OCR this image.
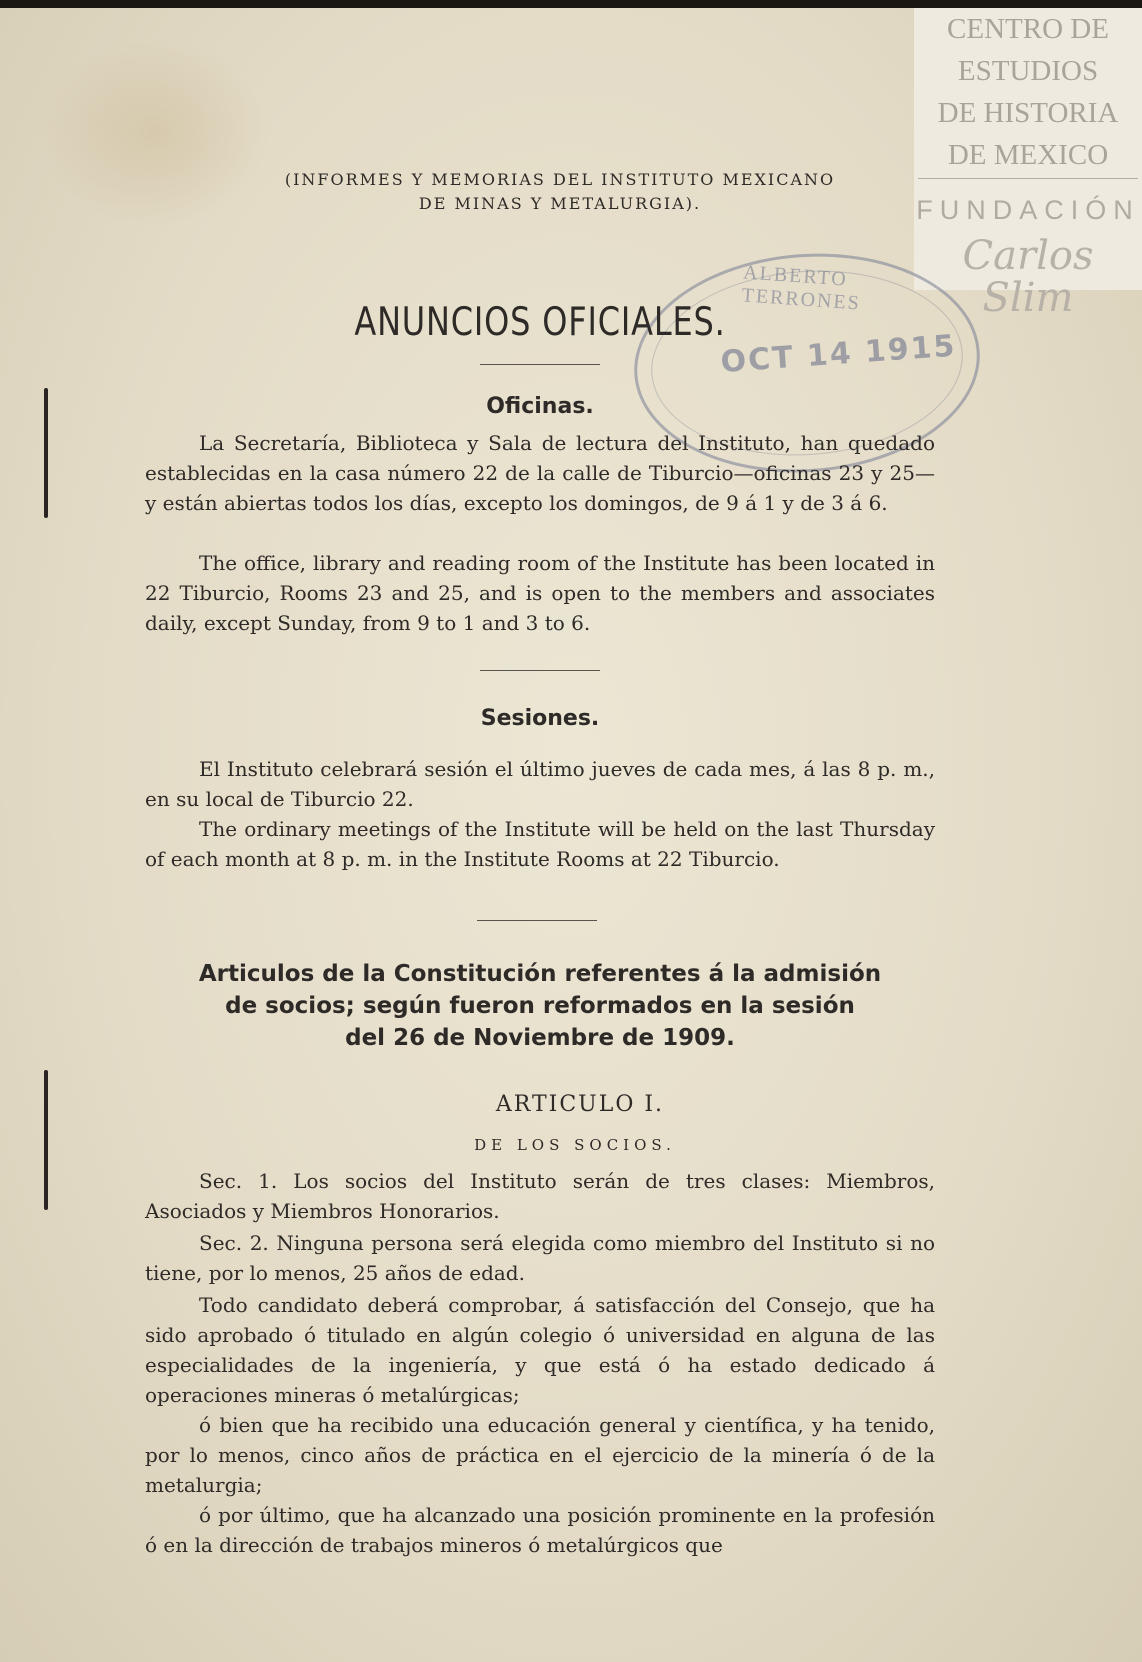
CENTRO DE
ESTUDIOS
DE HISTORIA
DE MEXICO
FUNDACIÓN
Carlos Slim
ALBERTO TERRONES
OCT 14 1915
(INFORMES Y MEMORIAS DEL INSTITUTO MEXICANO
DE MINAS Y METALURGIA).
ANUNCIOS OFICIALES.
Oficinas.

La Secretaría, Biblioteca y Sala de lectura del Instituto, han quedado establecidas en la casa número 22 de la calle de Tiburcio—oficinas 23 y 25—y están abiertas todos los días, excepto los domingos, de 9 á 1 y de 3 á 6.

The office, library and reading room of the Institute has been located in 22 Tiburcio, Rooms 23 and 25, and is open to the members and associates daily, except Sunday, from 9 to 1 and 3 to 6.

Sesiones.

El Instituto celebrará sesión el último jueves de cada mes, á las 8 p. m., en su local de Tiburcio 22.

The ordinary meetings of the Institute will be held on the last Thursday of each month at 8 p. m. in the Institute Rooms at 22 Tiburcio.

Articulos de la Constitución referentes á la admisión
de socios; según fueron reformados en la sesión
del 26 de Noviembre de 1909.
ARTICULO I.
DE LOS SOCIOS.

Sec. 1. Los socios del Instituto serán de tres clases: Miembros, Asociados y Miembros Honorarios.

Sec. 2. Ninguna persona será elegida como miembro del Instituto si no tiene, por lo menos, 25 años de edad.

Todo candidato deberá comprobar, á satisfacción del Consejo, que ha sido aprobado ó titulado en algún colegio ó universidad en alguna de las especialidades de la ingeniería, y que está ó ha estado dedicado á operaciones mineras ó metalúrgicas;

ó bien que ha recibido una educación general y científica, y ha tenido, por lo menos, cinco años de práctica en el ejercicio de la minería ó de la metalurgia;

ó por último, que ha alcanzado una posición prominente en la profesión ó en la dirección de trabajos mineros ó metalúrgicos que
